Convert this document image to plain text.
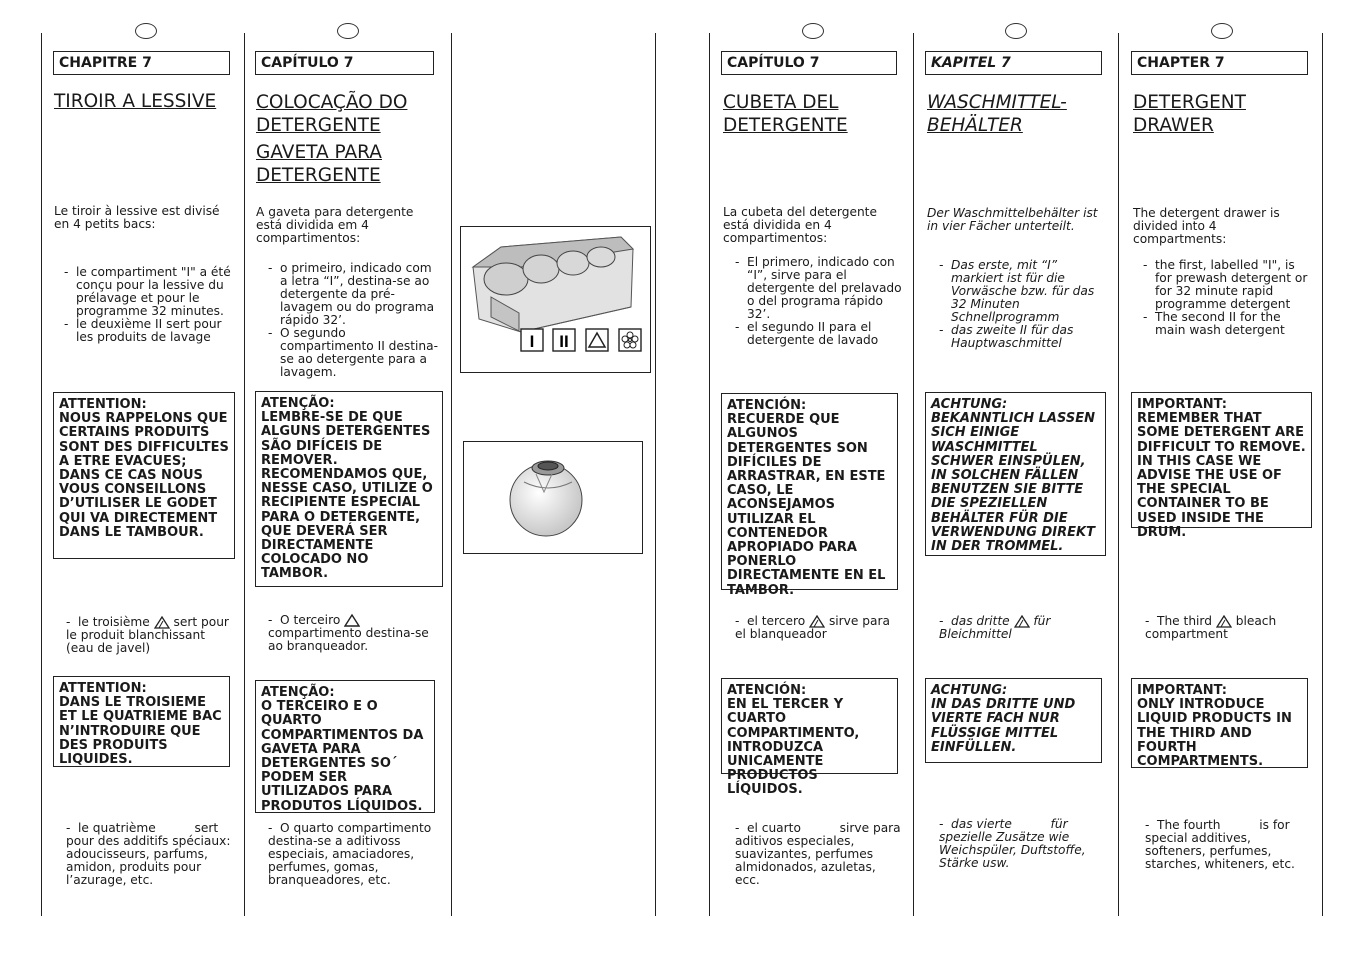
CHAPITRE 7
TIROIR A LESSIVE
Le tiroir à lessive est divisé en 4 petits bacs:
- le compartiment "I" a été conçu pour la lessive du prélavage et pour le programme 32 minutes.
- le deuxième II sert pour les produits de lavage

ATTENTION:

NOUS RAPPELONS QUE CERTAINS PRODUITS SONT DES DIFFICULTES A ETRE EVACUES; DANS CE CAS NOUS VOUS CONSEILLONS D’UTILISER LE GODET QUI VA DIRECTEMENT DANS LE TAMBOUR.

- le troisième sert pour le produit blanchissant (eau de javel)

ATTENTION:

DANS LE TROISIEME ET LE QUATRIEME BAC N’INTRODUIRE QUE DES PRODUITS LIQUIDES.

- le quatrième          sert pour des additifs spéciaux: adoucisseurs, parfums, amidon, produits pour l’azurage, etc.
CAPÍTULO 7
COLOCAÇÃO DO DETERGENTE
GAVETA PARA DETERGENTE
A gaveta para detergente está dividida em 4 compartimentos:
- o primeiro, indicado com a letra “I”, destina-se ao detergente da pré-lavagem ou do programa rápido 32’.
- O segundo compartimento II destina-se ao detergente para a lavagem.

ATENÇÃO:

LEMBRE-SE DE QUE ALGUNS DETERGENTES SÃO DIFÍCEIS DE REMOVER. RECOMENDAMOS QUE, NESSE CASO, UTILIZE O RECIPIENTE ESPECIAL PARA O DETERGENTE, QUE DEVERÁ SER DIRECTAMENTE COLOCADO NO TAMBOR.

- O terceiro  compartimento destina-se ao branqueador.

ATENÇÃO:

O TERCEIRO E O QUARTO COMPARTIMENTOS DA GAVETA PARA DETERGENTES SO´ PODEM SER UTILIZADOS PARA PRODUTOS LÍQUIDOS.

- O quarto compartimento          destina-se a aditivoss especiais, amaciadores, perfumes, gomas, branqueadores, etc.
I II
CAPÍTULO 7
CUBETA DEL DETERGENTE
La cubeta del detergente está dividida en 4 compartimentos:
- El primero, indicado con “I”, sirve para el detergente del prelavado o del programa rápido 32’.
- el segundo II para el detergente de lavado

ATENCIÓN:

RECUERDE QUE ALGUNOS DETERGENTES SON DIFÍCILES DE ARRASTRAR, EN ESTE CASO, LE ACONSEJAMOS UTILIZAR EL CONTENEDOR APROPIADO PARA PONERLO DIRECTAMENTE EN EL TAMBOR.

- el tercero sirve para el blanqueador

ATENCIÓN:

EN EL TERCER Y CUARTO COMPARTIMENTO, INTRODUZCA UNICAMENTE PRODUCTOS LÍQUIDOS.

- el cuarto          sirve para aditivos especiales, suavizantes, perfumes almidonados, azuletas, ecc.
KAPITEL 7
WASCHMITTEL-BEHÄLTER
Der Waschmittelbehälter ist in vier Fächer unterteilt.
- Das erste, mit “I” markiert ist für die Vorwäsche bzw. für das 32 Minuten Schnellprogramm
- das zweite II für das Hauptwaschmittel

ACHTUNG:

BEKANNTLICH LASSEN SICH EINIGE WASCHMITTEL SCHWER EINSPÜLEN, IN SOLCHEN FÄLLEN BENUTZEN SIE BITTE DIE SPEZIELLEN BEHÄLTER FÜR DIE VERWENDUNG DIREKT IN DER TROMMEL.

- das dritte für Bleichmittel

ACHTUNG:

IN DAS DRITTE UND VIERTE FACH NUR FLÜSSIGE MITTEL EINFÜLLEN.

- das vierte          für spezielle Zusätze wie Weichspüler, Duftstoffe, Stärke usw.
CHAPTER 7
DETERGENT DRAWER
The detergent drawer is divided into 4 compartments:
- the first, labelled "I", is for prewash detergent or for 32 minute rapid programme detergent
- The second II for the main wash detergent

IMPORTANT:

REMEMBER THAT SOME DETERGENT ARE DIFFICULT TO REMOVE. IN THIS CASE WE ADVISE THE USE OF THE SPECIAL CONTAINER TO BE USED INSIDE THE DRUM.

- The third bleach compartment

IMPORTANT:

ONLY INTRODUCE LIQUID PRODUCTS IN THE THIRD AND FOURTH COMPARTMENTS.

- The fourth          is for special additives, softeners, perfumes, starches, whiteners, etc.
